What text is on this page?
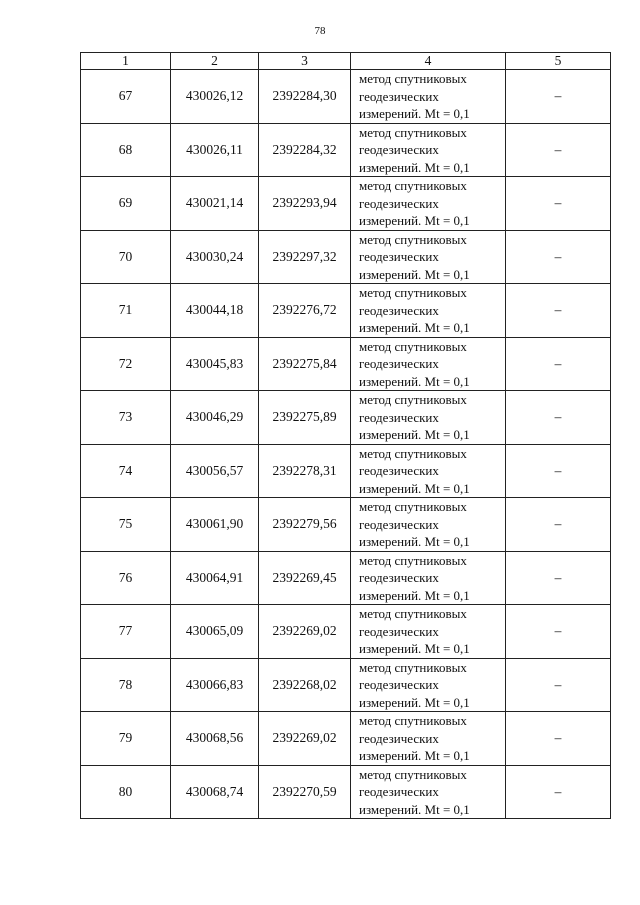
78
1	2	3	4	5
67	430026,12	2392284,30	метод спутниковых
геодезических
измерений. Mt = 0,1	–
68	430026,11	2392284,32	метод спутниковых
геодезических
измерений. Mt = 0,1	–
69	430021,14	2392293,94	метод спутниковых
геодезических
измерений. Mt = 0,1	–
70	430030,24	2392297,32	метод спутниковых
геодезических
измерений. Mt = 0,1	–
71	430044,18	2392276,72	метод спутниковых
геодезических
измерений. Mt = 0,1	–
72	430045,83	2392275,84	метод спутниковых
геодезических
измерений. Mt = 0,1	–
73	430046,29	2392275,89	метод спутниковых
геодезических
измерений. Mt = 0,1	–
74	430056,57	2392278,31	метод спутниковых
геодезических
измерений. Mt = 0,1	–
75	430061,90	2392279,56	метод спутниковых
геодезических
измерений. Mt = 0,1	–
76	430064,91	2392269,45	метод спутниковых
геодезических
измерений. Mt = 0,1	–
77	430065,09	2392269,02	метод спутниковых
геодезических
измерений. Mt = 0,1	–
78	430066,83	2392268,02	метод спутниковых
геодезических
измерений. Mt = 0,1	–
79	430068,56	2392269,02	метод спутниковых
геодезических
измерений. Mt = 0,1	–
80	430068,74	2392270,59	метод спутниковых
геодезических
измерений. Mt = 0,1	–
